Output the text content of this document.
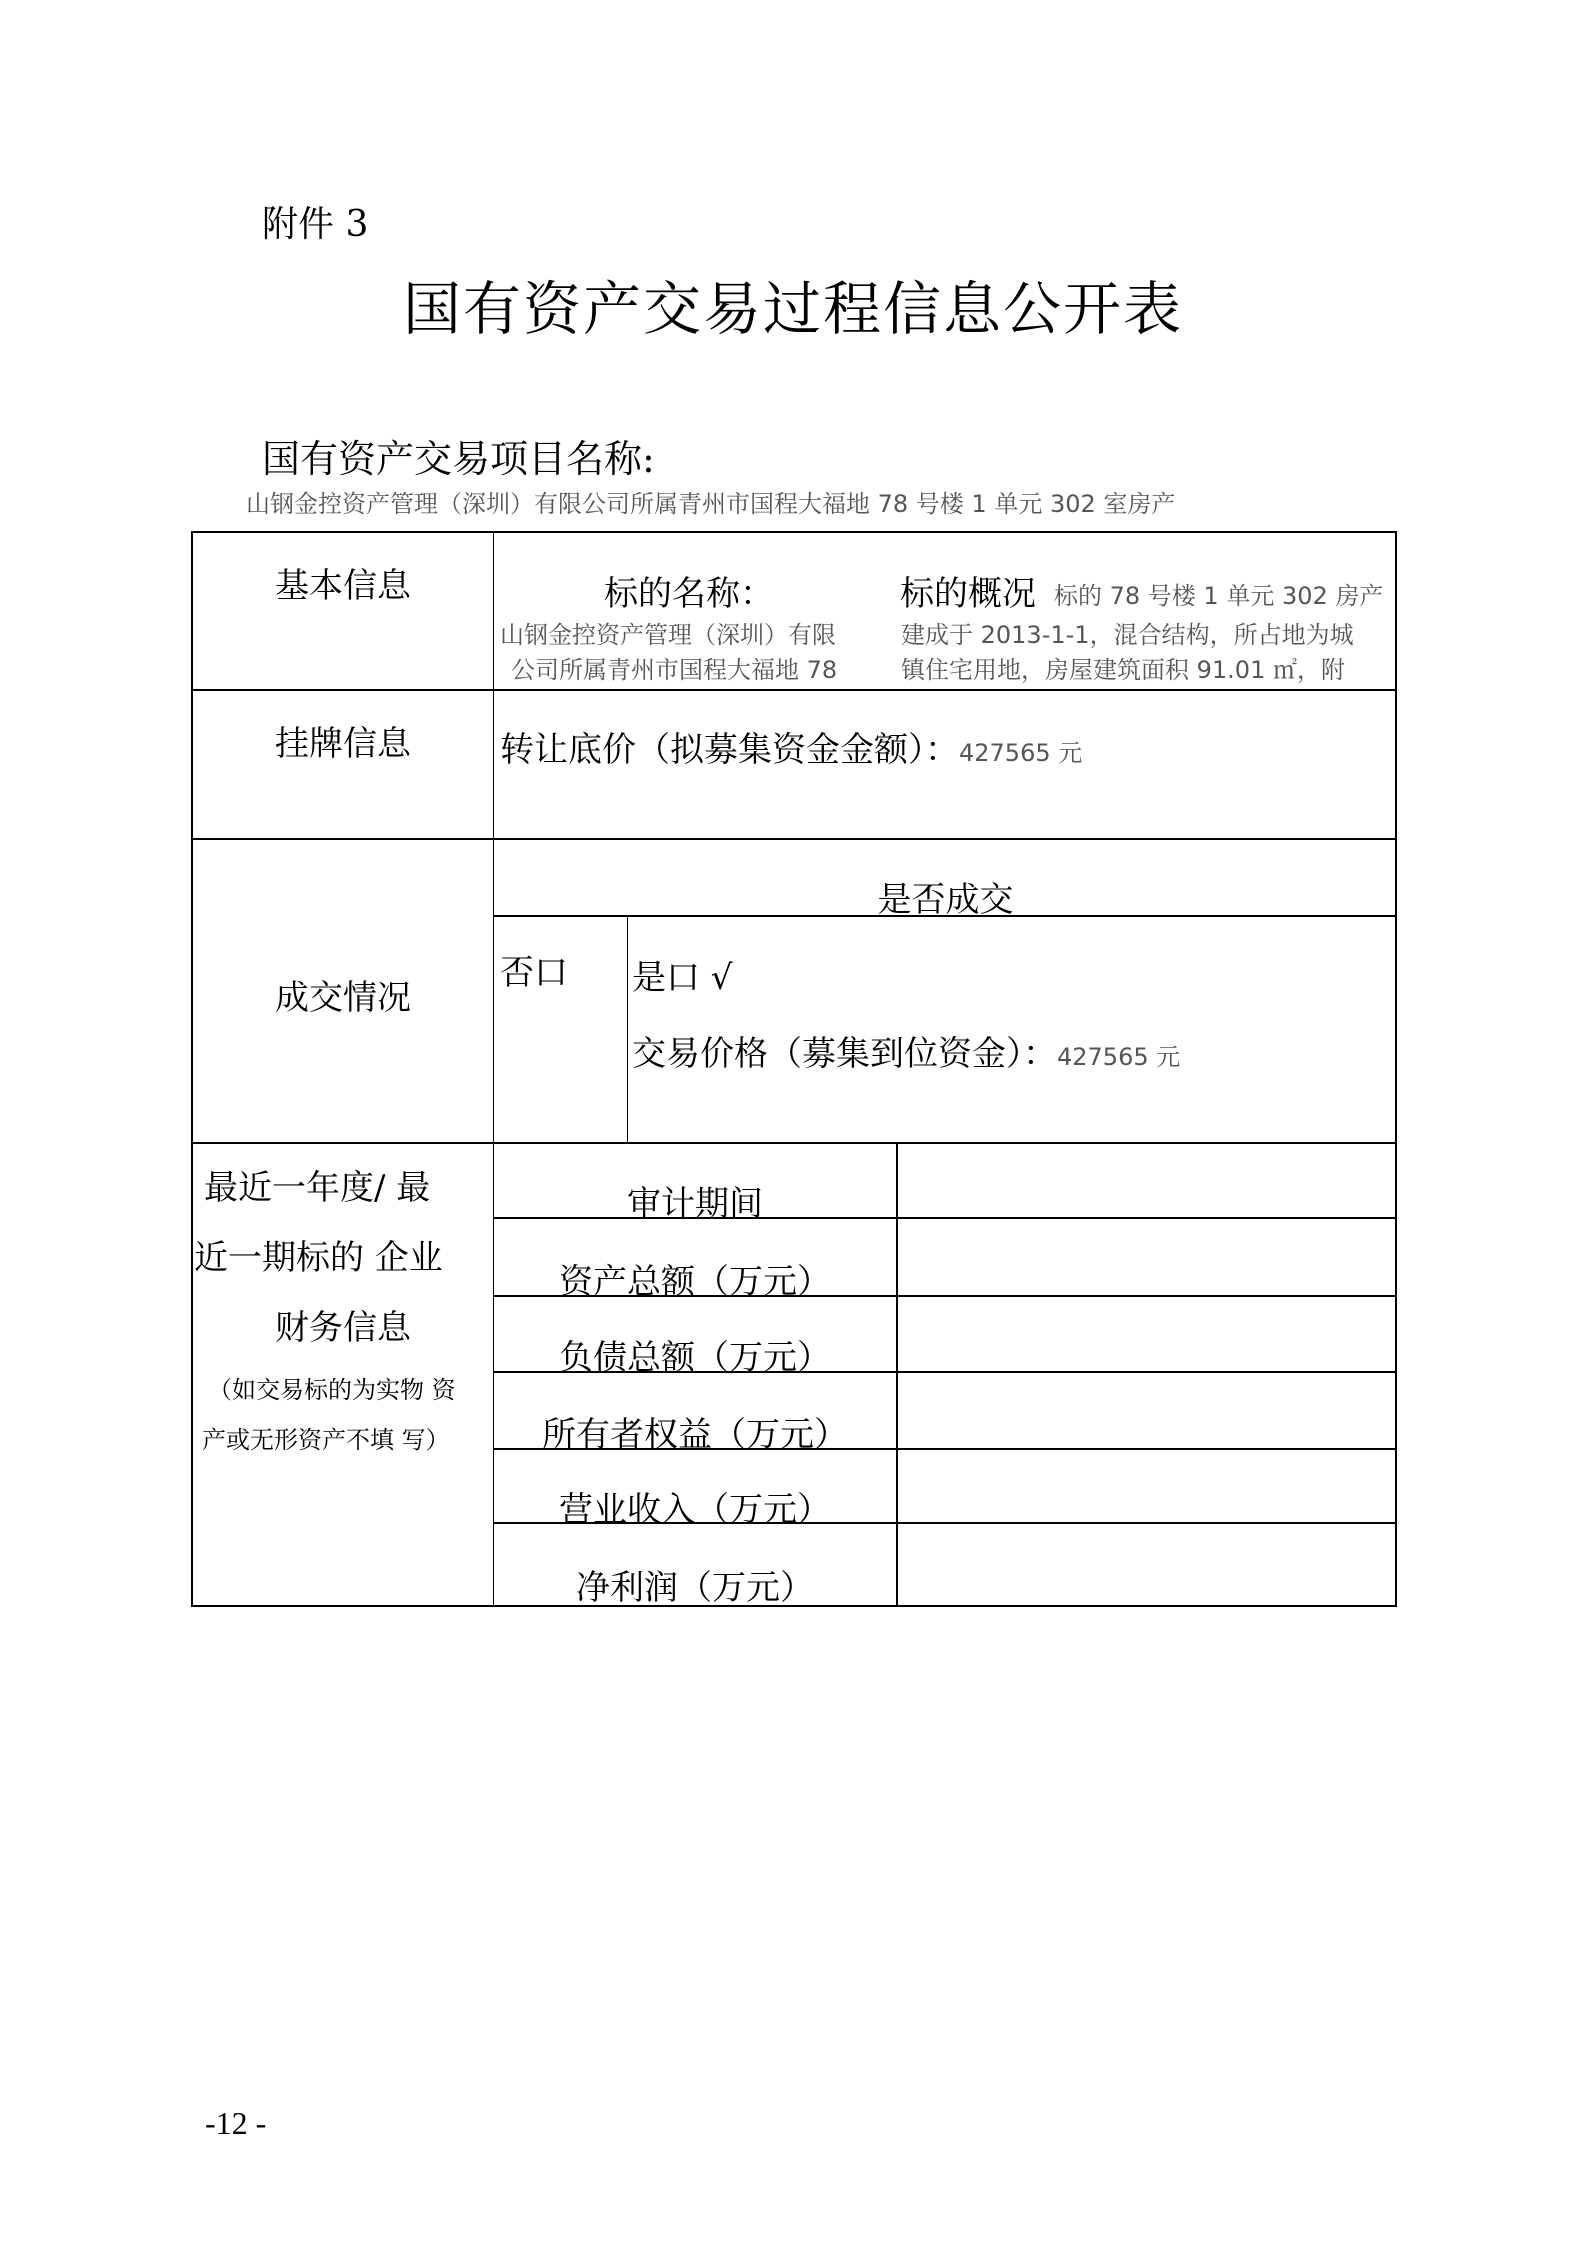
附件 3
国有资产交易过程信息公开表
国有资产交易项目名称:
山钢金控资产管理（深圳）有限公司所属青州市国程大福地 78 号楼 1 单元 302 室房产
基本信息	标的名称：
山钢金控资产管理（深圳）有限
公司所属青州市国程大福地 78
标的概况 标的 78 号楼 1 单元 302 房产
建成于 2013-1-1，混合结构，所占地为城
镇住宅用地，房屋建筑面积 91.01 ㎡，附
挂牌信息	转让底价（拟募集资金金额）：427565 元
成交情况
是否成交
否口 是口 √
交易价格（募集到位资金）：427565 元
最近一年度/ 最
近一期标的 企业
财务信息
（如交易标的为实物 资
产或无形资产不填 写）
审计期间
资产总额（万元）
负债总额（万元）
所有者权益（万元）
营业收入（万元）
净利润（万元）
-12 -
